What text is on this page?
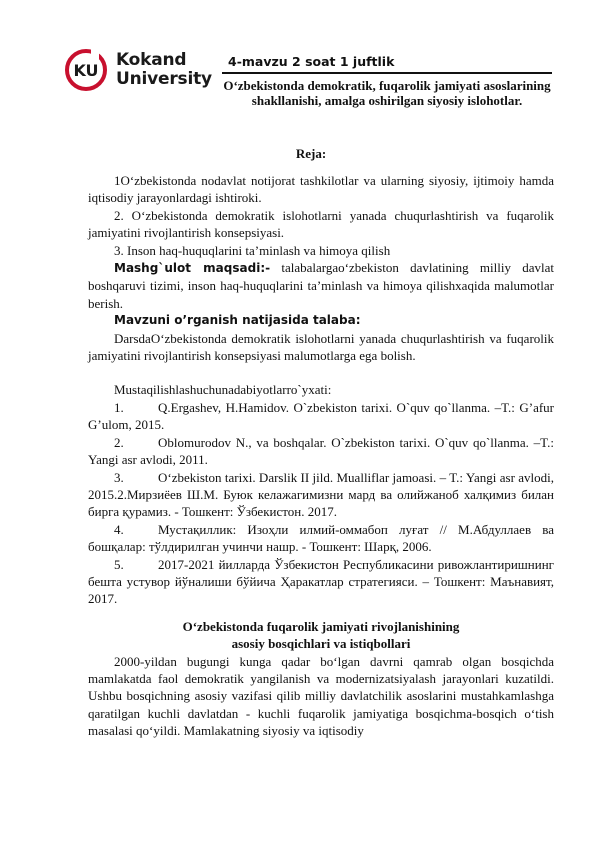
KU
Kokand
University
4-mavzu 2 soat 1 juftlik
O‘zbekistonda demokratik, fuqarolik jamiyati asoslarining shakllanishi, amalga oshirilgan siyosiy islohotlar.
Reja:

1O‘zbekistonda nodavlat notijorat tashkilotlar va ularning siyosiy, ijtimoiy hamda iqtisodiy jarayonlardagi ishtiroki.

2. O‘zbekistonda demokratik islohotlarni yanada chuqurlashtirish va fuqarolik jamiyatini rivojlantirish konsepsiyasi.

3. Inson haq-huquqlarini ta’minlash va himoya qilish

Mashg`ulot maqsadi:- talabalargaо‘zbekiston davlatining milliy davlat boshqaruvi tizimi, inson haq-huquqlarini ta’minlash va himoya qilishxaqida malumotlar berish.

Mavzuni o’rganish natijasida talaba:

DarsdaO‘zbekistonda demokratik islohotlarni yanada chuqurlashtirish va fuqarolik jamiyatini rivojlantirish konsepsiyasi malumotlarga ega bolish.

Mustaqilishlashuchunadabiyotlarro`yxati:

1.	Q.Ergashev, H.Hamidov. O`zbekiston tarixi. O`quv qo`llanma. –T.: G’afur G’ulom, 2015.

2.	Oblomurodov N., va boshqalar. O`zbekiston tarixi. O`quv qo`llanma. –T.: Yangi asr avlodi, 2011.

3.	O‘zbekiston tarixi. Darslik II jild. Mualliflar jamoasi. – T.: Yangi asr avlodi, 2015.2.Мирзиёев Ш.М. Буюк келажагимизни мард ва олийжаноб халқимиз билан бирга қурамиз. - Тошкент: Ўзбекистон. 2017.

4.	Мустақиллик: Изоҳли илмий-оммабоп луғат // М.Абдуллаев ва бошқалар: тўлдирилган учинчи нашр. - Тошкент: Шарқ, 2006.

5.	2017-2021 йилларда Ўзбекистон Республикасини ривожлантиришнинг бешта устувор йўналиши бўйича Ҳаракатлар стратегияси. – Тошкент: Маънавият, 2017.

O‘zbekistonda fuqarolik jamiyati rivojlanishining

asosiy bosqichlari va istiqbollari

2000-yildan bugungi kunga qadar bo‘lgan davrni qamrab olgan bosqichda mamlakatda faol demokratik yangilanish va modernizatsiyalash jarayonlari kuzatildi. Ushbu bosqichning asosiy vazifasi qilib milliy davlatchilik asoslarini mustahkamlashga qaratilgan kuchli davlatdan - kuchli fuqarolik jamiyatiga bosqichma-bosqich o‘tish masalasi qo‘yildi. Mamlakatning siyosiy va iqtisodiy
